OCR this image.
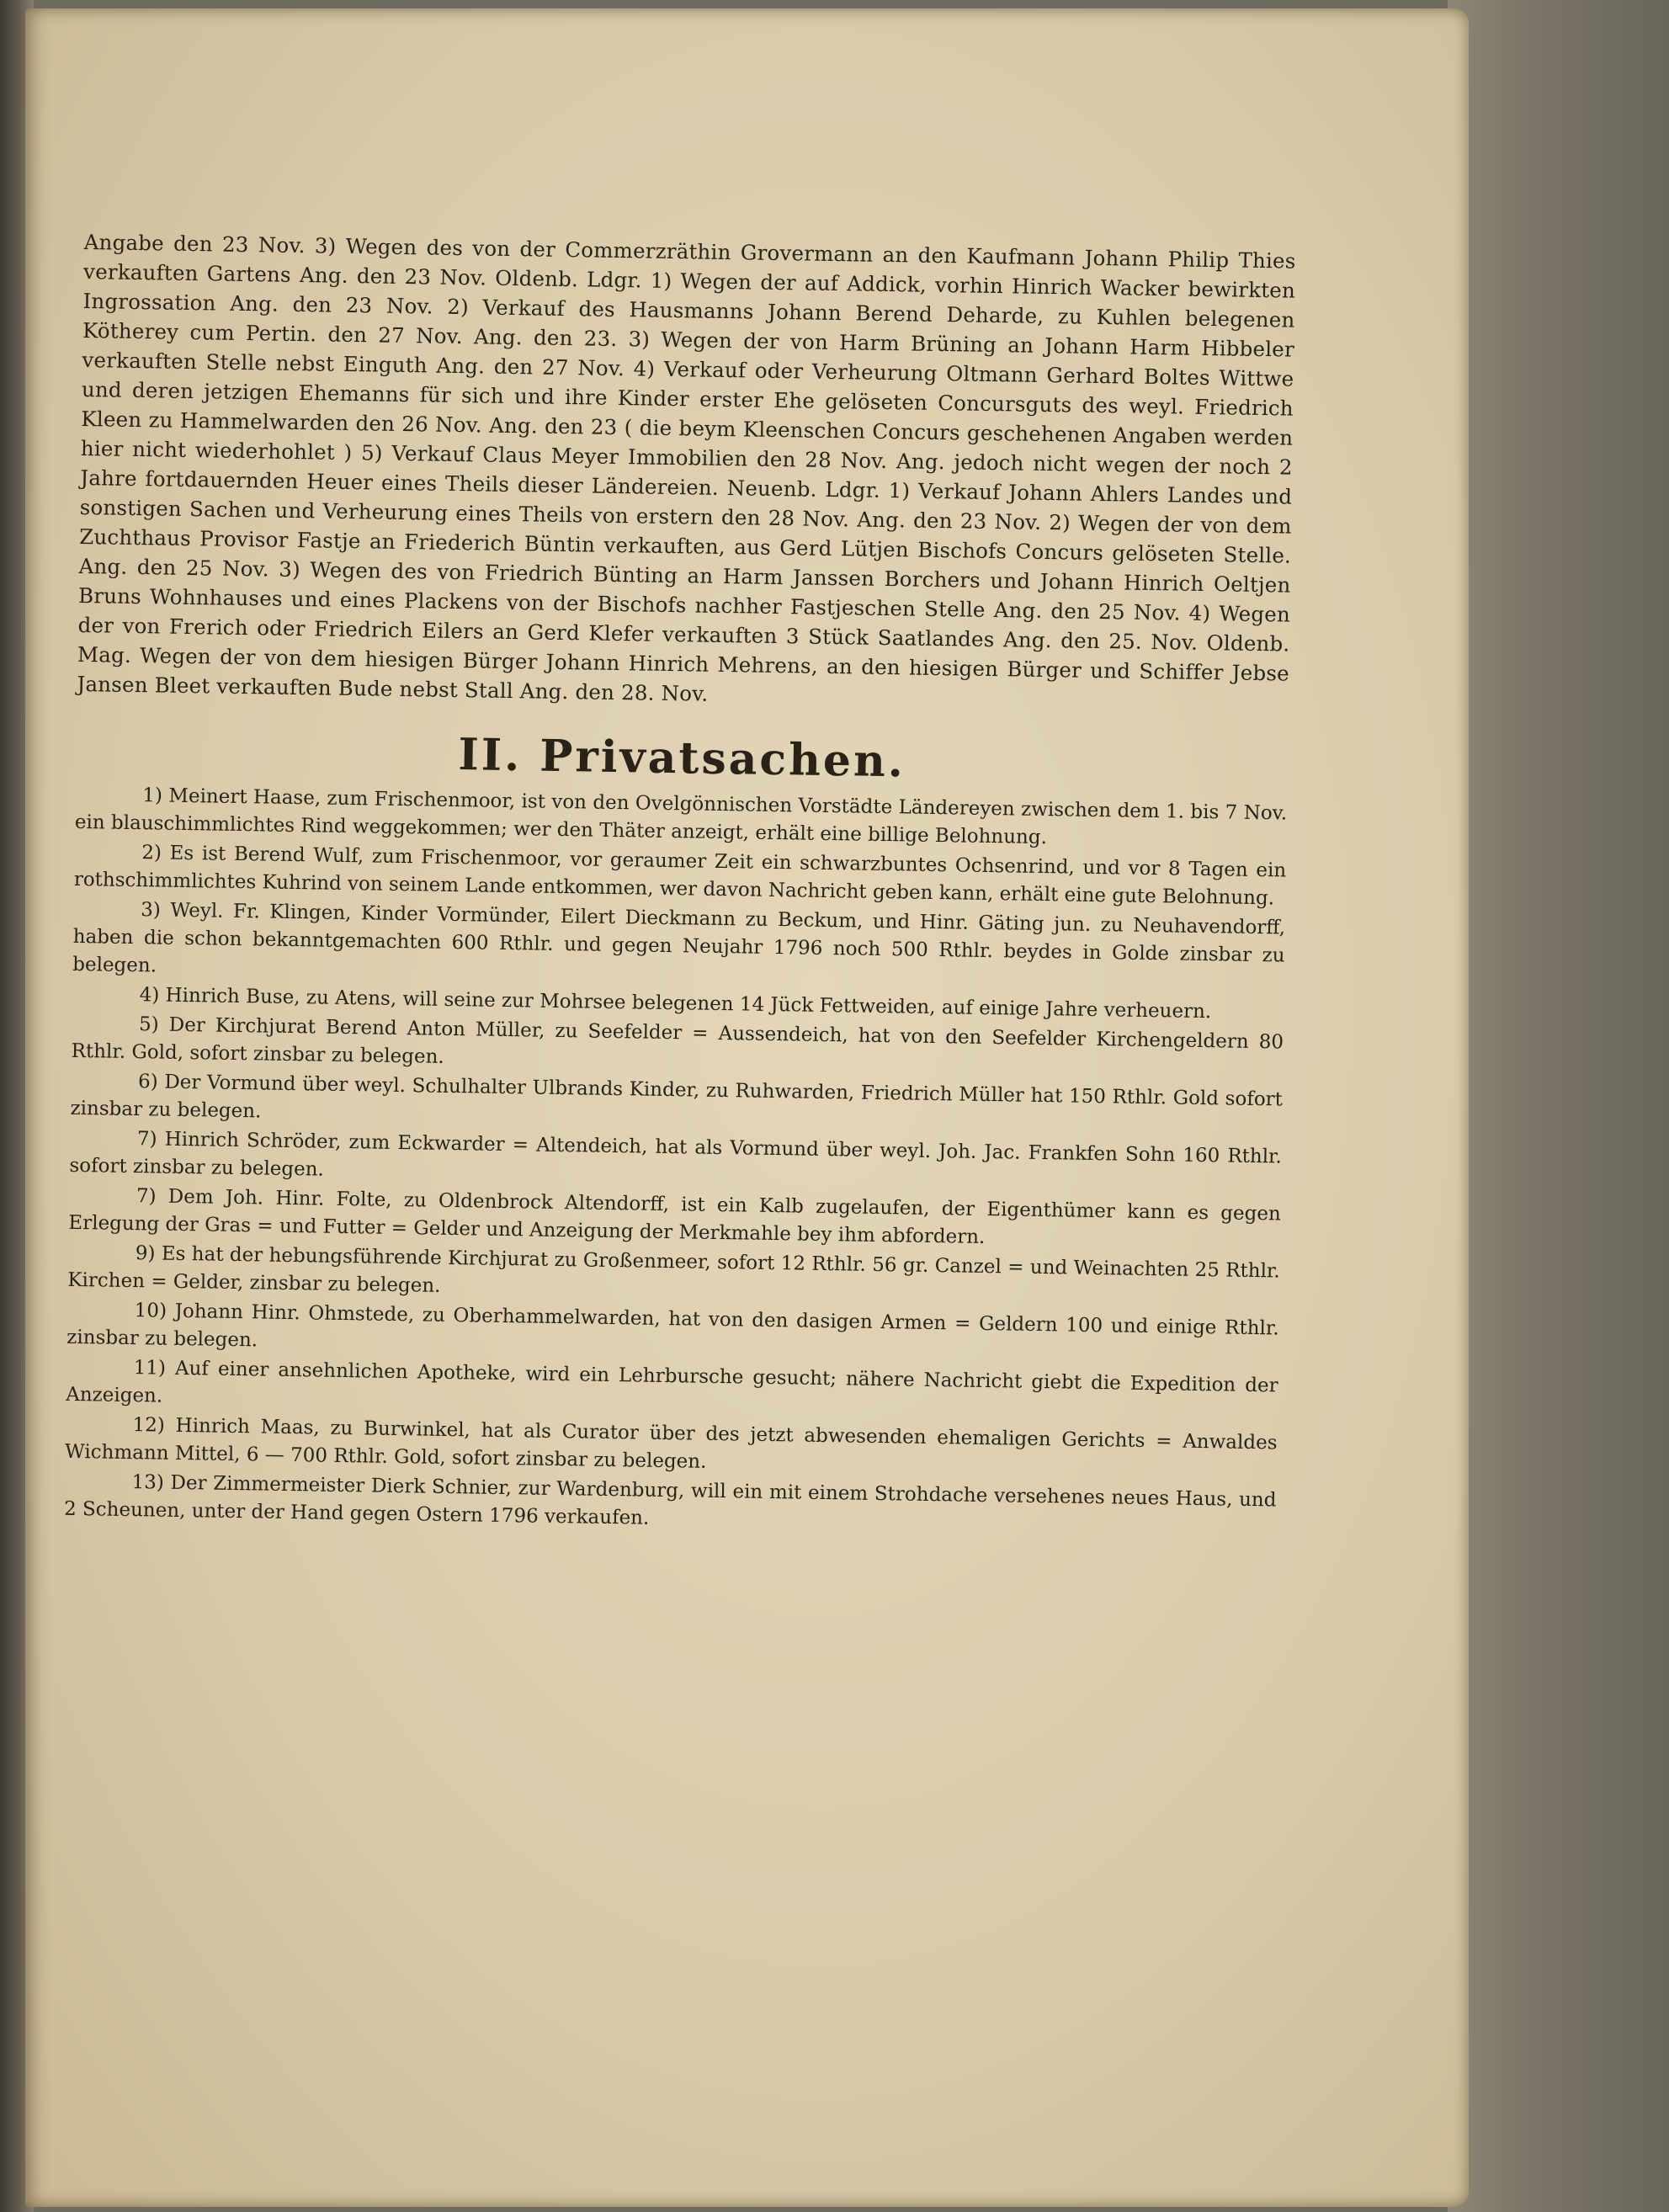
Angabe den 23 Nov. 3) Wegen des von der Commerzräthin Grovermann an den Kaufmann Johann Philip Thies verkauften Gartens Ang. den 23 Nov. Oldenb. Ldgr. 1) Wegen der auf Addick, vorhin Hinrich Wacker bewirkten Ingrossation Ang. den 23 Nov. 2) Verkauf des Hausmanns Johann Berend Deharde, zu Kuhlen belegenen Kötherey cum Pertin. den 27 Nov. Ang. den 23. 3) Wegen der von Harm Brüning an Johann Harm Hibbeler verkauften Stelle nebst Einguth Ang. den 27 Nov. 4) Verkauf oder Verheurung Oltmann Gerhard Boltes Wittwe und deren jetzigen Ehemanns für sich und ihre Kinder erster Ehe gelöseten Concursguts des weyl. Friedrich Kleen zu Hammelwarden den 26 Nov. Ang. den 23 ( die beym Kleenschen Concurs geschehenen Angaben werden hier nicht wiederhohlet ) 5) Verkauf Claus Meyer Immobilien den 28 Nov. Ang. jedoch nicht wegen der noch 2 Jahre fortdauernden Heuer eines Theils dieser Ländereien. Neuenb. Ldgr. 1) Verkauf Johann Ahlers Landes und sonstigen Sachen und Verheurung eines Theils von erstern den 28 Nov. Ang. den 23 Nov. 2) Wegen der von dem Zuchthaus Provisor Fastje an Friederich Büntin verkauften, aus Gerd Lütjen Bischofs Concurs gelöseten Stelle. Ang. den 25 Nov. 3) Wegen des von Friedrich Bünting an Harm Janssen Borchers und Johann Hinrich Oeltjen Bruns Wohnhauses und eines Plackens von der Bischofs nachher Fastjeschen Stelle Ang. den 25 Nov. 4) Wegen der von Frerich oder Friedrich Eilers an Gerd Klefer verkauften 3 Stück Saatlandes Ang. den 25. Nov. Oldenb. Mag. Wegen der von dem hiesigen Bürger Johann Hinrich Mehrens, an den hiesigen Bürger und Schiffer Jebse Jansen Bleet verkauften Bude nebst Stall Ang. den 28. Nov.

II. Privatsachen.

1) Meinert Haase, zum Frischenmoor, ist von den Ovelgönnischen Vorstädte Ländereyen zwischen dem 1. bis 7 Nov. ein blauschimmlichtes Rind weggekommen; wer den Thäter anzeigt, erhält eine billige Belohnung.

2) Es ist Berend Wulf, zum Frischenmoor, vor geraumer Zeit ein schwarzbuntes Ochsenrind, und vor 8 Tagen ein rothschimmlichtes Kuhrind von seinem Lande entkommen, wer davon Nachricht geben kann, erhält eine gute Belohnung.

3) Weyl. Fr. Klingen, Kinder Vormünder, Eilert Dieckmann zu Beckum, und Hinr. Gäting jun. zu Neuhavendorff, haben die schon bekanntgemachten 600 Rthlr. und gegen Neujahr 1796 noch 500 Rthlr. beydes in Golde zinsbar zu belegen.

4) Hinrich Buse, zu Atens, will seine zur Mohrsee belegenen 14 Jück Fettweiden, auf einige Jahre verheuern.

5) Der Kirchjurat Berend Anton Müller, zu Seefelder = Aussendeich, hat von den Seefelder Kirchengeldern 80 Rthlr. Gold, sofort zinsbar zu belegen.

6) Der Vormund über weyl. Schulhalter Ulbrands Kinder, zu Ruhwarden, Friedrich Müller hat 150 Rthlr. Gold sofort zinsbar zu belegen.

7) Hinrich Schröder, zum Eckwarder = Altendeich, hat als Vormund über weyl. Joh. Jac. Frankfen Sohn 160 Rthlr. sofort zinsbar zu belegen.

7) Dem Joh. Hinr. Folte, zu Oldenbrock Altendorff, ist ein Kalb zugelaufen, der Eigenthümer kann es gegen Erlegung der Gras = und Futter = Gelder und Anzeigung der Merkmahle bey ihm abfordern.

9) Es hat der hebungsführende Kirchjurat zu Großenmeer, sofort 12 Rthlr. 56 gr. Canzel = und Weinachten 25 Rthlr. Kirchen = Gelder, zinsbar zu belegen.

10) Johann Hinr. Ohmstede, zu Oberhammelwarden, hat von den dasigen Armen = Geldern 100 und einige Rthlr. zinsbar zu belegen.

11) Auf einer ansehnlichen Apotheke, wird ein Lehrbursche gesucht; nähere Nachricht giebt die Expedition der Anzeigen.

12) Hinrich Maas, zu Burwinkel, hat als Curator über des jetzt abwesenden ehemaligen Gerichts = Anwaldes Wichmann Mittel, 6 — 700 Rthlr. Gold, sofort zinsbar zu belegen.

13) Der Zimmermeister Dierk Schnier, zur Wardenburg, will ein mit einem Strohdache versehenes neues Haus, und 2 Scheunen, unter der Hand gegen Ostern 1796 verkaufen.
